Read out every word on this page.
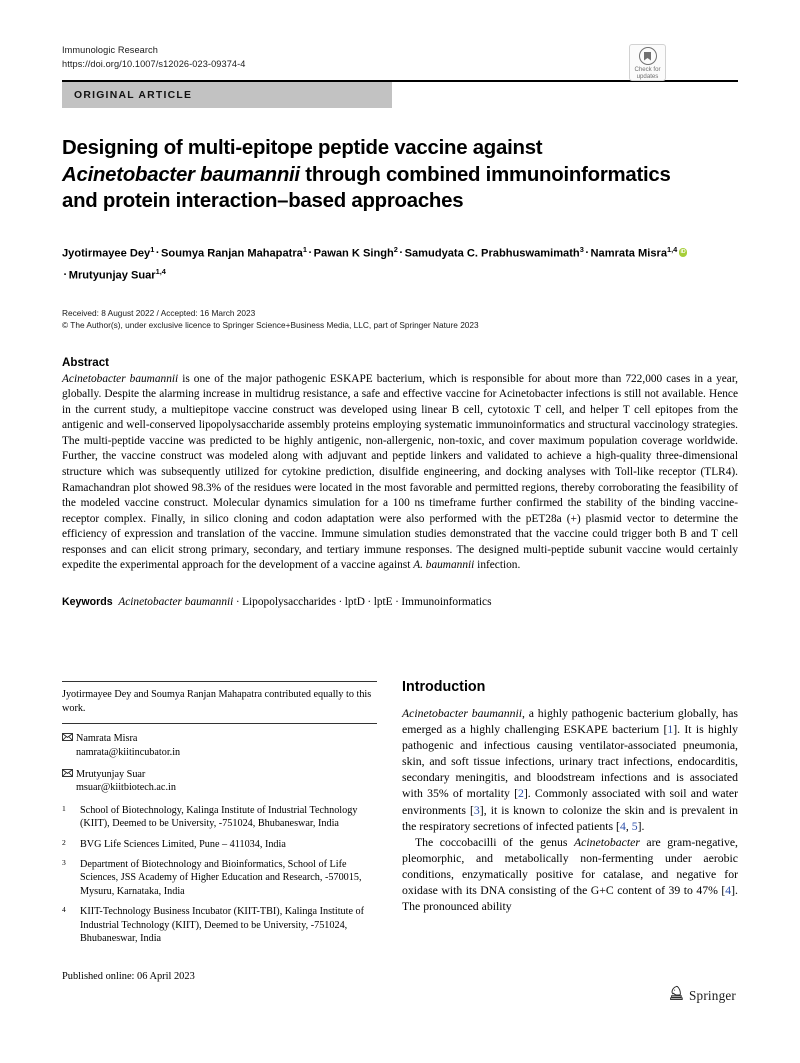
Immunologic Research
https://doi.org/10.1007/s12026-023-09374-4
ORIGINAL ARTICLE
Designing of multi-epitope peptide vaccine against Acinetobacter baumannii through combined immunoinformatics and protein interaction–based approaches
Jyotirmayee Dey$^1$ · Soumya Ranjan Mahapatra$^1$ · Pawan K Singh$^2$ · Samudyata C. Prabhuswamimath$^3$ · Namrata Misra$^{1,4}$iD· Mrutyunjay Suar$^{1,4}$
Received: 8 August 2022 / Accepted: 16 March 2023
© The Author(s), under exclusive licence to Springer Science+Business Media, LLC, part of Springer Nature 2023
Abstract
Acinetobacter baumannii is one of the major pathogenic ESKAPE bacterium, which is responsible for about more than 722,000 cases in a year, globally. Despite the alarming increase in multidrug resistance, a safe and effective vaccine for Acinetobacter infections is still not available. Hence in the current study, a multiepitope vaccine construct was developed using linear B cell, cytotoxic T cell, and helper T cell epitopes from the antigenic and well-conserved lipopolysaccharide assembly proteins employing systematic immunoinformatics and structural vaccinology strategies. The multi-peptide vaccine was predicted to be highly antigenic, non-allergenic, non-toxic, and cover maximum population coverage worldwide. Further, the vaccine construct was modeled along with adjuvant and peptide linkers and validated to achieve a high-quality three-dimensional structure which was subsequently utilized for cytokine prediction, disulfide engineering, and docking analyses with Toll-like receptor (TLR4). Ramachandran plot showed 98.3% of the residues were located in the most favorable and permitted regions, thereby corroborating the feasibility of the modeled vaccine construct. Molecular dynamics simulation for a 100 ns timeframe further confirmed the stability of the binding vaccine-receptor complex. Finally, in silico cloning and codon adaptation were also performed with the pET28a (+) plasmid vector to determine the efficiency of expression and translation of the vaccine. Immune simulation studies demonstrated that the vaccine could trigger both B and T cell responses and can elicit strong primary, secondary, and tertiary immune responses. The designed multi-peptide subunit vaccine would certainly expedite the experimental approach for the development of a vaccine against A. baumannii infection.
Keywords Acinetobacter baumannii · Lipopolysaccharides · lptD · lptE · Immunoinformatics
Check for
updates
Jyotirmayee Dey and Soumya Ranjan Mahapatra contributed equally to this work.
Namrata Misra
namrata@kiitincubator.in
Mrutyunjay Suar
msuar@kiitbiotech.ac.in
1	School of Biotechnology, Kalinga Institute of Industrial Technology (KIIT), Deemed to be University, -751024, Bhubaneswar, India
2	BVG Life Sciences Limited, Pune – 411034, India
3	Department of Biotechnology and Bioinformatics, School of Life Sciences, JSS Academy of Higher Education and Research, -570015, Mysuru, Karnataka, India
4	KIIT-Technology Business Incubator (KIIT-TBI), Kalinga Institute of Industrial Technology (KIIT), Deemed to be University, -751024, Bhubaneswar, India
Published online: 06 April 2023
Introduction
Acinetobacter baumannii, a highly pathogenic bacterium globally, has emerged as a highly challenging ESKAPE bacterium [1]. It is highly pathogenic and infectious causing ventilator-associated pneumonia, skin, and soft tissue infections, urinary tract infections, endocarditis, secondary meningitis, and bloodstream infections and is associated with 35% of mortality [2]. Commonly associated with soil and water environments [3], it is known to colonize the skin and is prevalent in the respiratory secretions of infected patients [4, 5].
The coccobacilli of the genus Acinetobacter are gram-negative, pleomorphic, and metabolically non-fermenting under aerobic conditions, enzymatically positive for catalase, and negative for oxidase with its DNA consisting of the G+C content of 39 to 47% [4]. The pronounced ability
Springer
